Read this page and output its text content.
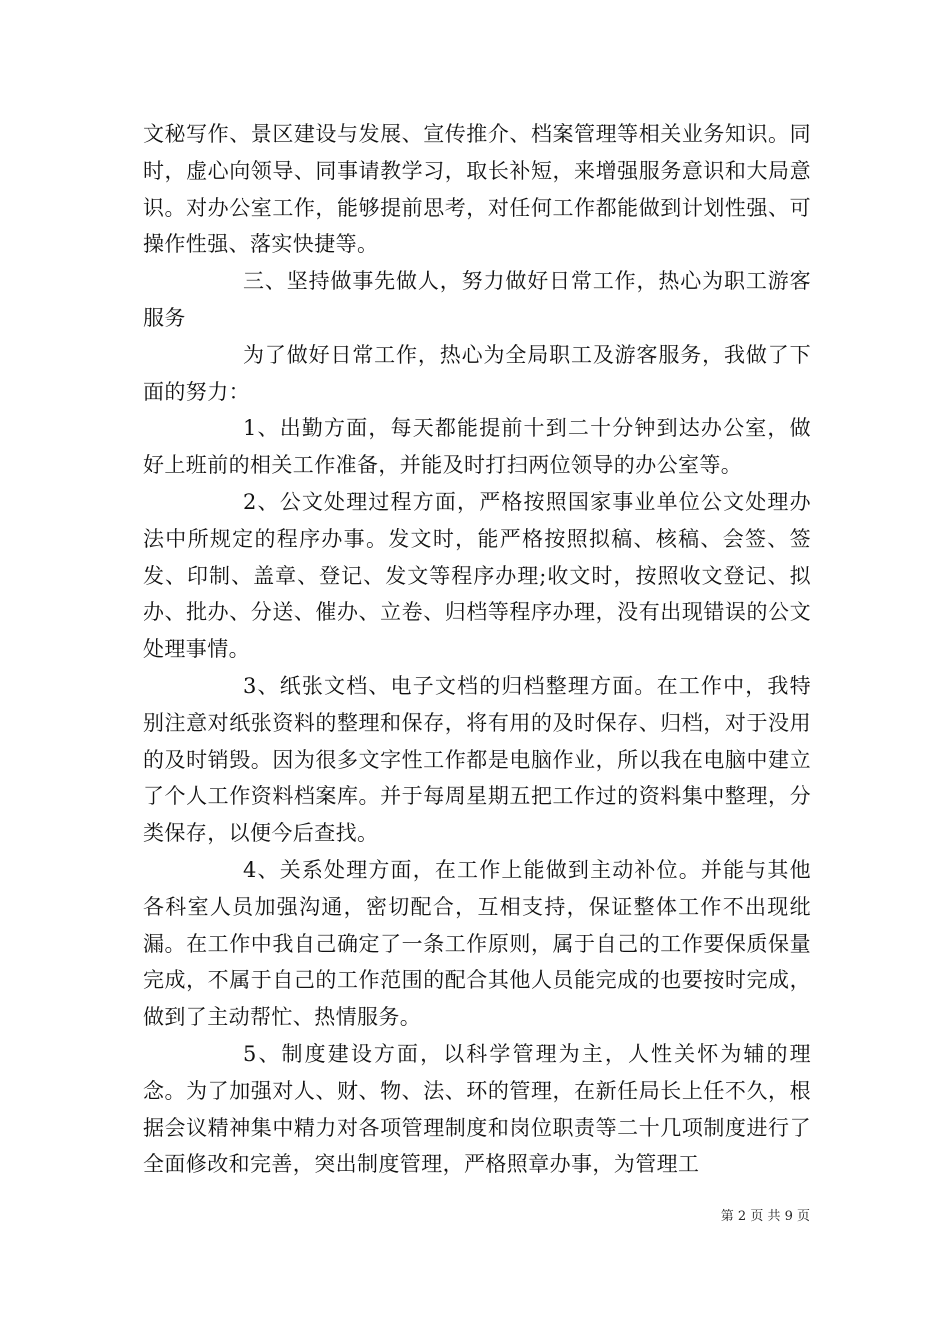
文秘写作、景区建设与发展、宣传推介、档案管理等相关业务知识。同时，虚心向领导、同事请教学习，取长补短，来增强服务意识和大局意识。对办公室工作，能够提前思考，对任何工作都能做到计划性强、可操作性强、落实快捷等。

三、坚持做事先做人，努力做好日常工作，热心为职工游客服务

为了做好日常工作，热心为全局职工及游客服务，我做了下面的努力：

1、出勤方面，每天都能提前十到二十分钟到达办公室，做好上班前的相关工作准备，并能及时打扫两位领导的办公室等。

2、公文处理过程方面，严格按照国家事业单位公文处理办法中所规定的程序办事。发文时，能严格按照拟稿、核稿、会签、签发、印制、盖章、登记、发文等程序办理;收文时，按照收文登记、拟办、批办、分送、催办、立卷、归档等程序办理，没有出现错误的公文处理事情。

3、纸张文档、电子文档的归档整理方面。在工作中，我特别注意对纸张资料的整理和保存，将有用的及时保存、归档，对于没用的及时销毁。因为很多文字性工作都是电脑作业，所以我在电脑中建立了个人工作资料档案库。并于每周星期五把工作过的资料集中整理，分类保存，以便今后查找。

4、关系处理方面，在工作上能做到主动补位。并能与其他各科室人员加强沟通，密切配合，互相支持，保证整体工作不出现纰漏。在工作中我自己确定了一条工作原则，属于自己的工作要保质保量完成，不属于自己的工作范围的配合其他人员能完成的也要按时完成，做到了主动帮忙、热情服务。

5、制度建设方面，以科学管理为主，人性关怀为辅的理念。为了加强对人、财、物、法、环的管理，在新任局长上任不久，根据会议精神集中精力对各项管理制度和岗位职责等二十几项制度进行了全面修改和完善，突出制度管理，严格照章办事，为管理工

第 2 页 共 9 页
